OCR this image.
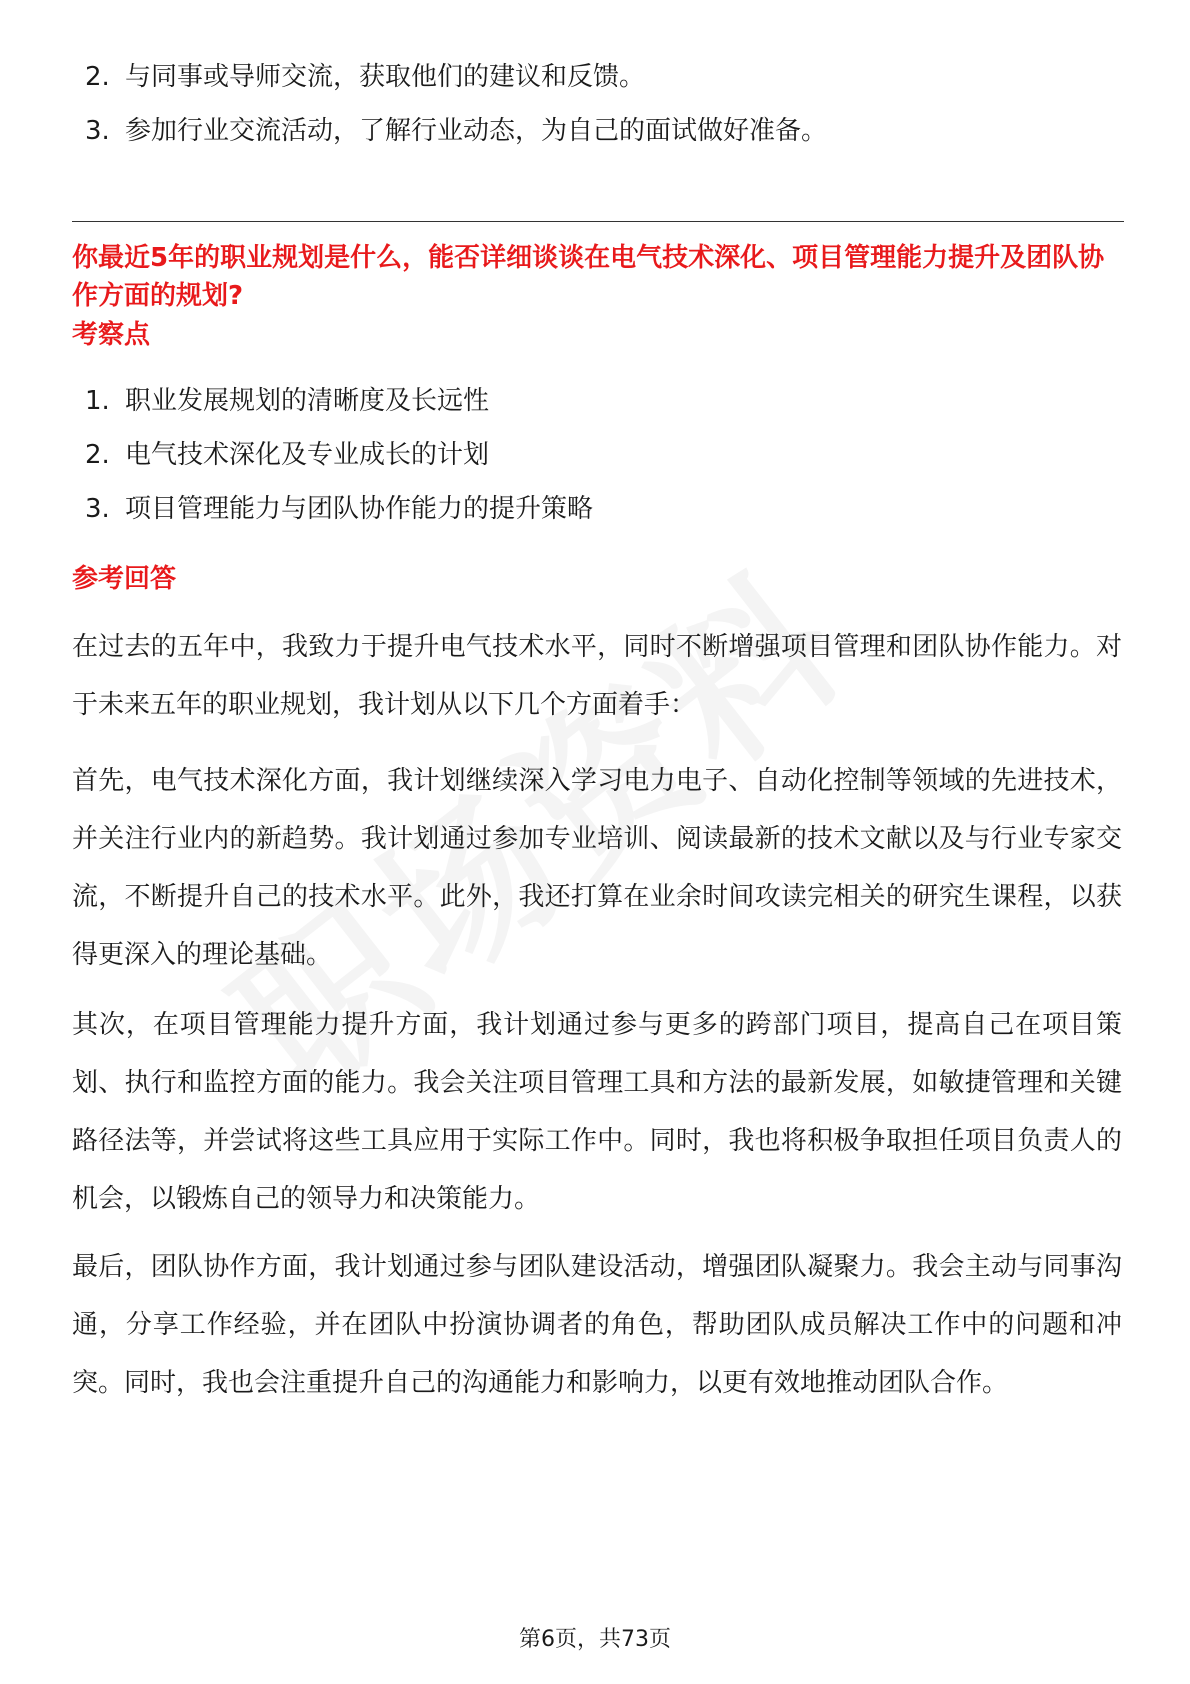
2. 与同事或导师交流，获取他们的建议和反馈。
3. 参加行业交流活动，了解行业动态，为自己的面试做好准备。
你最近5年的职业规划是什么，能否详细谈谈在电气技术深化、项目管理能力提升及团队协作方面的规划?
考察点
1. 职业发展规划的清晰度及长远性
2. 电气技术深化及专业成长的计划
3. 项目管理能力与团队协作能力的提升策略
参考回答
在过去的五年中，我致力于提升电气技术水平，同时不断增强项目管理和团队协作能力。对于未来五年的职业规划，我计划从以下几个方面着手：
首先，电气技术深化方面，我计划继续深入学习电力电子、自动化控制等领域的先进技术，并关注行业内的新趋势。我计划通过参加专业培训、阅读最新的技术文献以及与行业专家交流，不断提升自己的技术水平。此外，我还打算在业余时间攻读完相关的研究生课程，以获得更深入的理论基础。
其次，在项目管理能力提升方面，我计划通过参与更多的跨部门项目，提高自己在项目策划、执行和监控方面的能力。我会关注项目管理工具和方法的最新发展，如敏捷管理和关键路径法等，并尝试将这些工具应用于实际工作中。同时，我也将积极争取担任项目负责人的机会，以锻炼自己的领导力和决策能力。
最后，团队协作方面，我计划通过参与团队建设活动，增强团队凝聚力。我会主动与同事沟通，分享工作经验，并在团队中扮演协调者的角色，帮助团队成员解决工作中的问题和冲突。同时，我也会注重提升自己的沟通能力和影响力，以更有效地推动团队合作。
第6页，共73页
